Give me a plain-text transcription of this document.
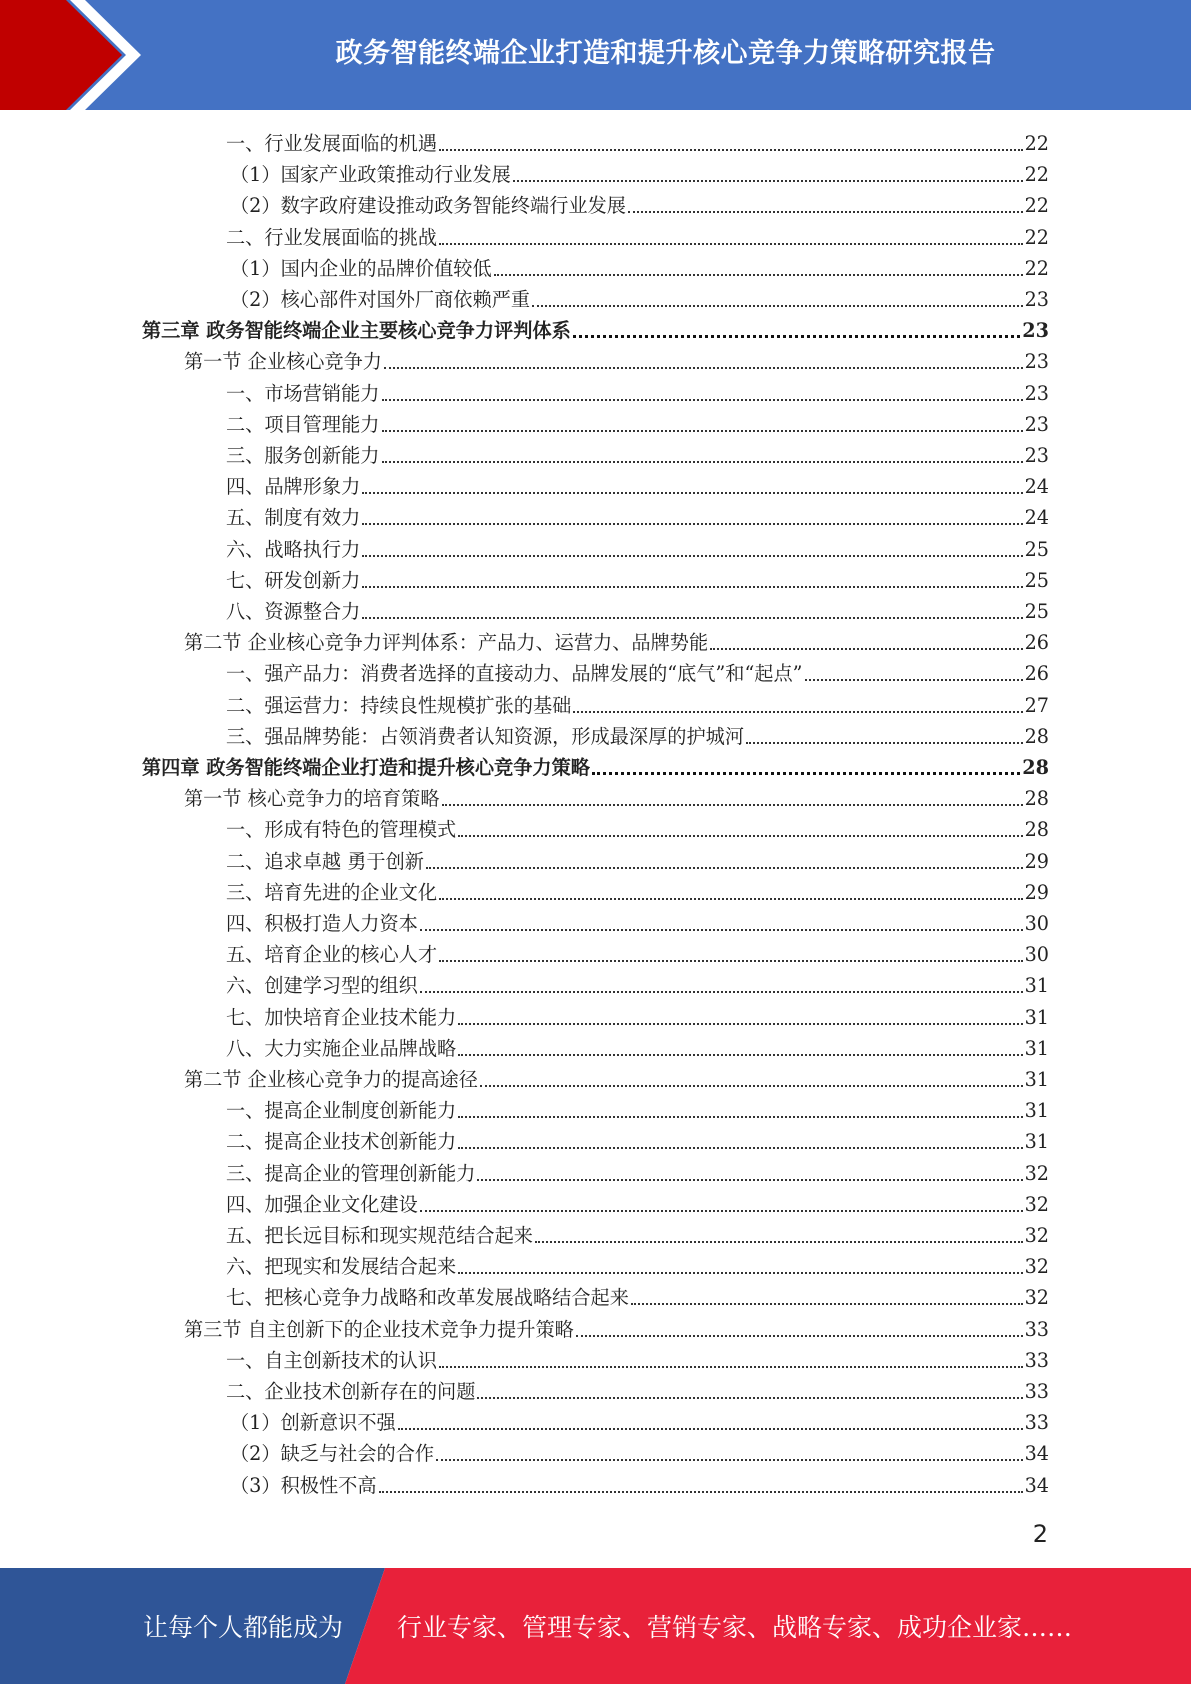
政务智能终端企业打造和提升核心竞争力策略研究报告
一、行业发展面临的机遇	22
（1）国家产业政策推动行业发展	22
（2）数字政府建设推动政务智能终端行业发展	22
二、行业发展面临的挑战	22
（1）国内企业的品牌价值较低	22
（2）核心部件对国外厂商依赖严重	23
第三章 政务智能终端企业主要核心竞争力评判体系	23
第一节 企业核心竞争力	23
一、市场营销能力	23
二、项目管理能力	23
三、服务创新能力	23
四、品牌形象力	24
五、制度有效力	24
六、战略执行力	25
七、研发创新力	25
八、资源整合力	25
第二节 企业核心竞争力评判体系：产品力、运营力、品牌势能	26
一、强产品力：消费者选择的直接动力、品牌发展的“底气”和“起点”	26
二、强运营力：持续良性规模扩张的基础	27
三、强品牌势能：占领消费者认知资源，形成最深厚的护城河	28
第四章 政务智能终端企业打造和提升核心竞争力策略	28
第一节 核心竞争力的培育策略	28
一、形成有特色的管理模式	28
二、追求卓越 勇于创新	29
三、培育先进的企业文化	29
四、积极打造人力资本	30
五、培育企业的核心人才	30
六、创建学习型的组织	31
七、加快培育企业技术能力	31
八、大力实施企业品牌战略	31
第二节 企业核心竞争力的提高途径	31
一、提高企业制度创新能力	31
二、提高企业技术创新能力	31
三、提高企业的管理创新能力	32
四、加强企业文化建设	32
五、把长远目标和现实规范结合起来	32
六、把现实和发展结合起来	32
七、把核心竞争力战略和改革发展战略结合起来	32
第三节 自主创新下的企业技术竞争力提升策略	33
一、自主创新技术的认识	33
二、企业技术创新存在的问题	33
（1）创新意识不强	33
（2）缺乏与社会的合作	34
（3）积极性不高	34
2
让每个人都能成为 行业专家、管理专家、营销专家、战略专家、成功企业家……
